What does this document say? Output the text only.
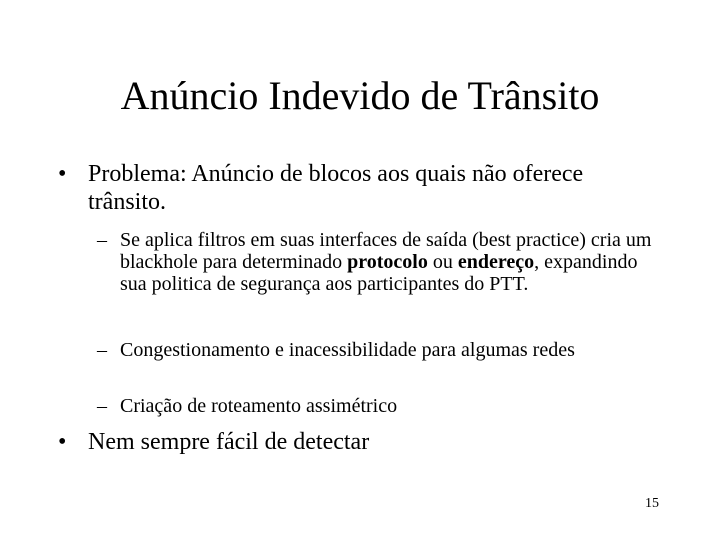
Anúncio Indevido de Trânsito
• Problema: Anúncio de blocos aos quais não oferece trânsito.
– Se aplica filtros em suas interfaces de saída (best practice) cria um blackhole para determinado protocolo ou endereço, expandindo sua politica de segurança aos participantes do PTT.
– Congestionamento e inacessibilidade para algumas redes
– Criação de roteamento assimétrico
• Nem sempre fácil de detectar
15
